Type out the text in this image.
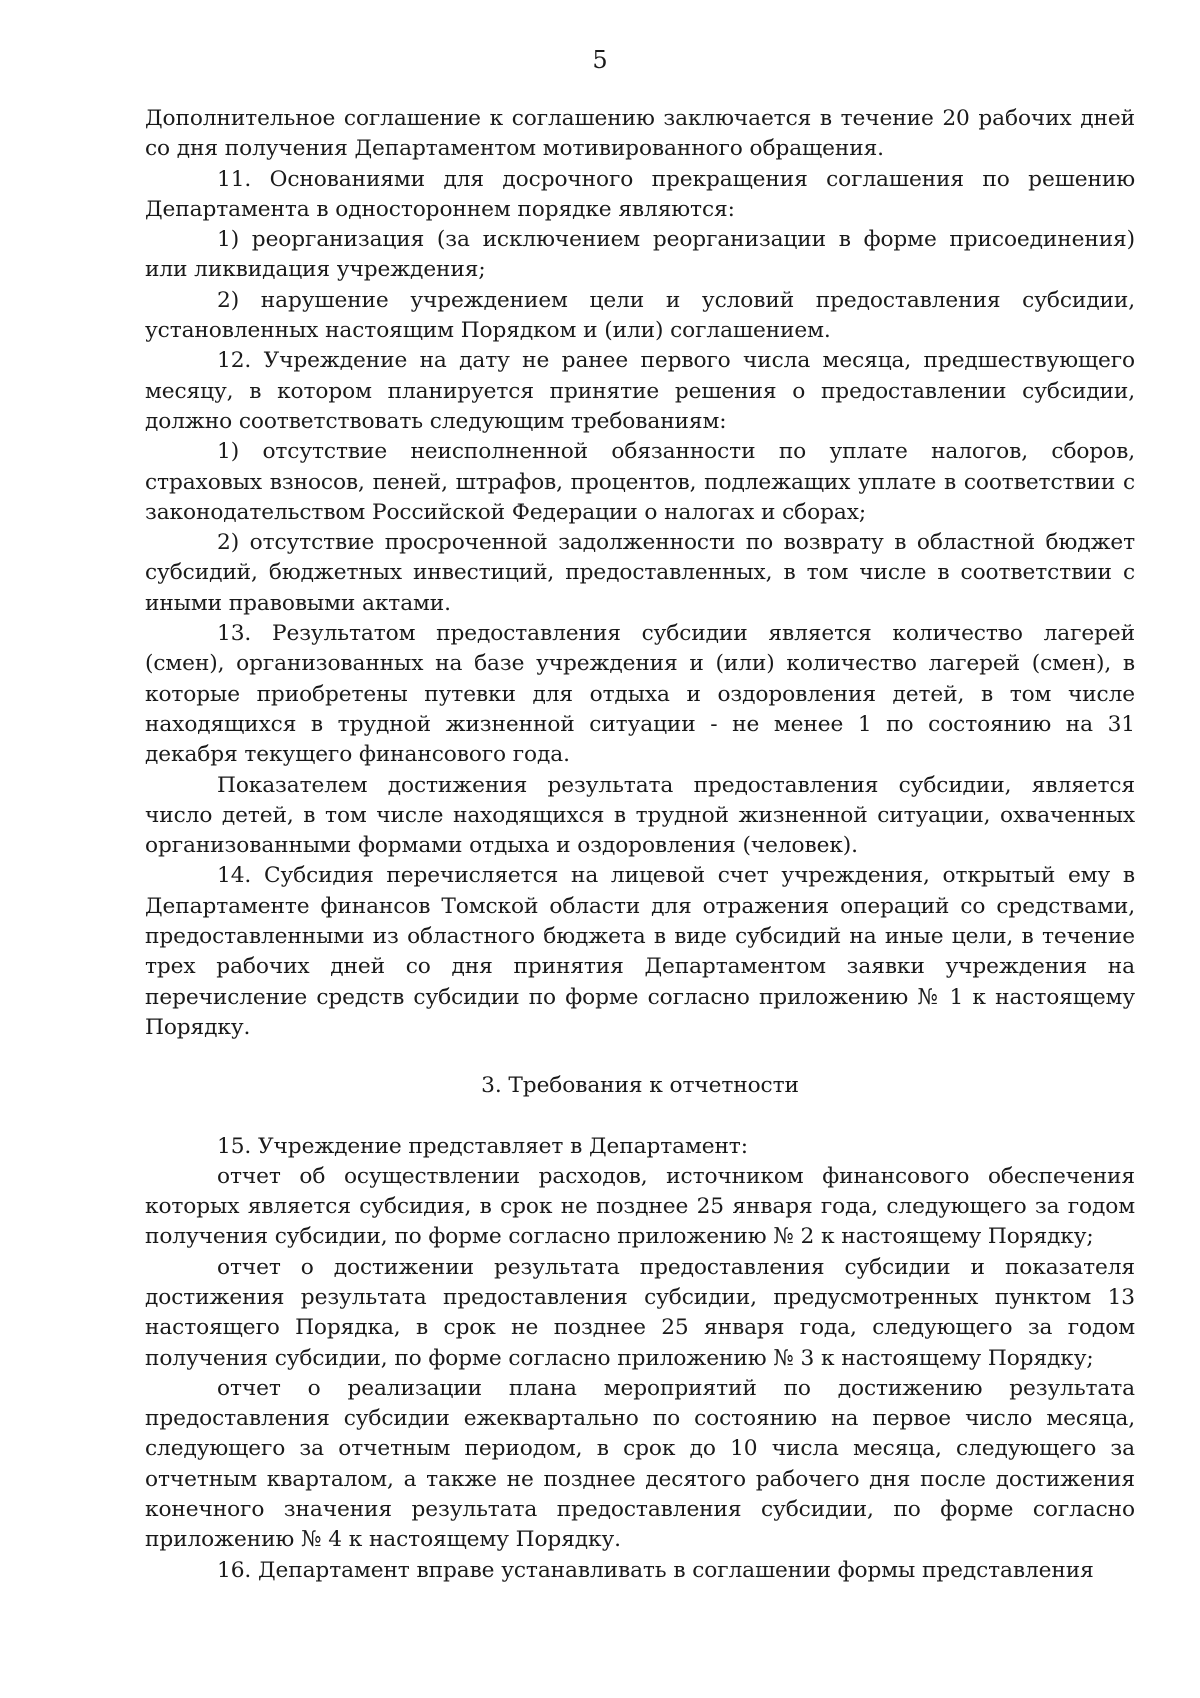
5

Дополнительное соглашение к соглашению заключается в течение 20 рабочих дней со дня получения Департаментом мотивированного обращения.

11. Основаниями для досрочного прекращения соглашения по решению Департамента в одностороннем порядке являются:

1) реорганизация (за исключением реорганизации в форме присоединения) или ликвидация учреждения;

2) нарушение учреждением цели и условий предоставления субсидии, установленных настоящим Порядком и (или) соглашением.

12. Учреждение на дату не ранее первого числа месяца, предшествующего месяцу, в котором планируется принятие решения о предоставлении субсидии, должно соответствовать следующим требованиям:

1) отсутствие неисполненной обязанности по уплате налогов, сборов, страховых взносов, пеней, штрафов, процентов, подлежащих уплате в соответствии с законодательством Российской Федерации о налогах и сборах;

2) отсутствие просроченной задолженности по возврату в областной бюджет субсидий, бюджетных инвестиций, предоставленных, в том числе в соответствии с иными правовыми актами.

13. Результатом предоставления субсидии является количество лагерей (смен), организованных на базе учреждения и (или) количество лагерей (смен), в которые приобретены путевки для отдыха и оздоровления детей, в том числе находящихся в трудной жизненной ситуации - не менее 1 по состоянию на 31 декабря текущего финансового года.

Показателем достижения результата предоставления субсидии, является число детей, в том числе находящихся в трудной жизненной ситуации, охваченных организованными формами отдыха и оздоровления (человек).

14. Субсидия перечисляется на лицевой счет учреждения, открытый ему в Департаменте финансов Томской области для отражения операций со средствами, предоставленными из областного бюджета в виде субсидий на иные цели, в течение трех рабочих дней со дня принятия Департаментом заявки учреждения на перечисление средств субсидии по форме согласно приложению № 1 к настоящему Порядку.

3. Требования к отчетности

15. Учреждение представляет в Департамент:

отчет об осуществлении расходов, источником финансового обеспечения которых является субсидия, в срок не позднее 25 января года, следующего за годом получения субсидии, по форме согласно приложению № 2 к настоящему Порядку;

отчет о достижении результата предоставления субсидии и показателя достижения результата предоставления субсидии, предусмотренных пунктом 13 настоящего Порядка, в срок не позднее 25 января года, следующего за годом получения субсидии, по форме согласно приложению № 3 к настоящему Порядку;

отчет о реализации плана мероприятий по достижению результата предоставления субсидии ежеквартально по состоянию на первое число месяца, следующего за отчетным периодом, в срок до 10 числа месяца, следующего за отчетным кварталом, а также не позднее десятого рабочего дня после достижения конечного значения результата предоставления субсидии, по форме согласно приложению № 4 к настоящему Порядку.

16. Департамент вправе устанавливать в соглашении формы представления
